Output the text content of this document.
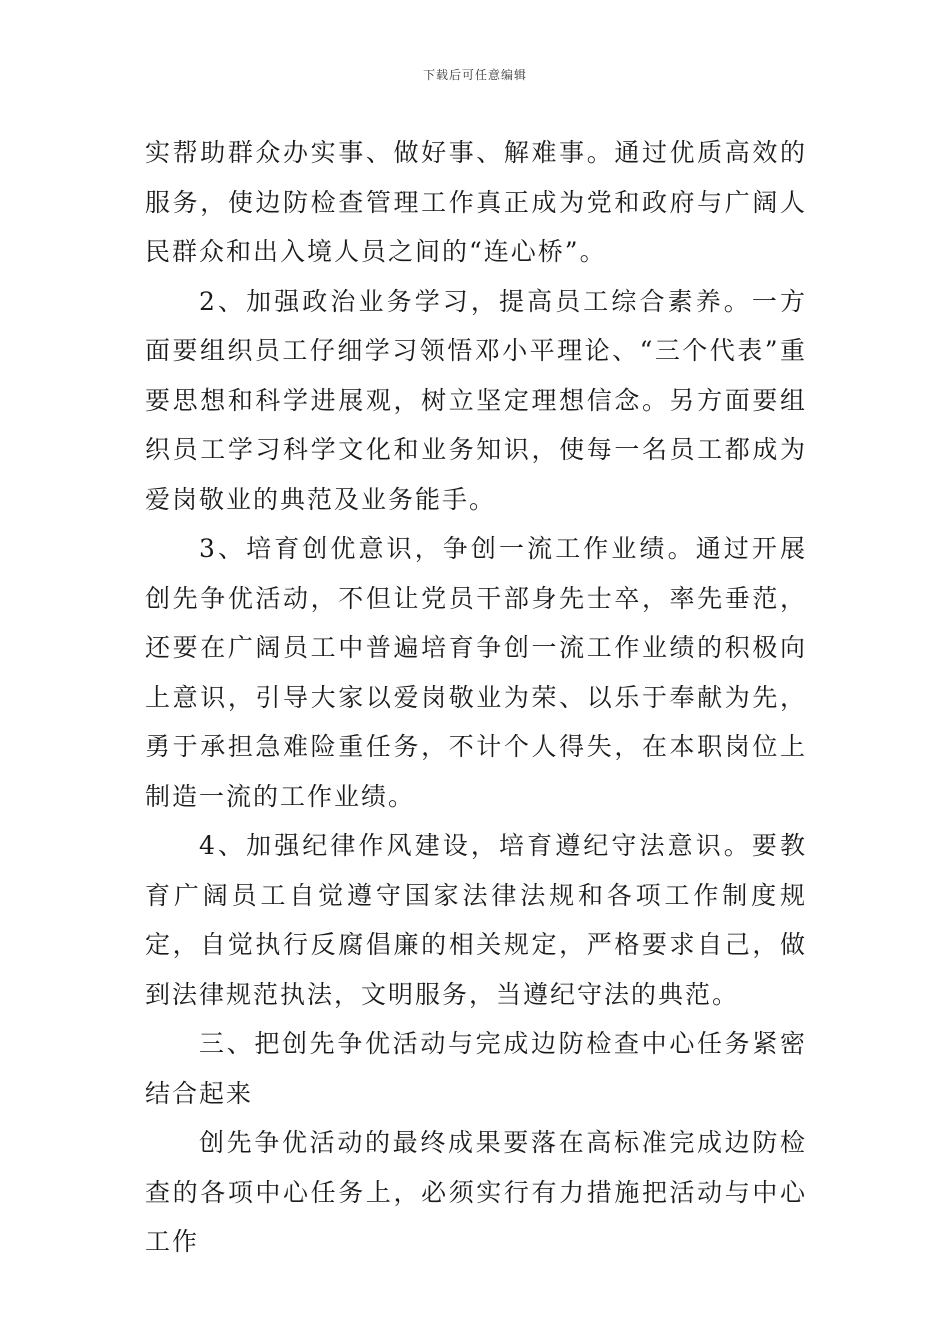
下载后可任意编辑

实帮助群众办实事、做好事、解难事。通过优质高效的服务，使边防检查管理工作真正成为党和政府与广阔人民群众和出入境人员之间的“连心桥”。

2、加强政治业务学习，提高员工综合素养。一方面要组织员工仔细学习领悟邓小平理论、“三个代表”重要思想和科学进展观，树立坚定理想信念。另方面要组织员工学习科学文化和业务知识，使每一名员工都成为爱岗敬业的典范及业务能手。

3、培育创优意识，争创一流工作业绩。通过开展创先争优活动，不但让党员干部身先士卒，率先垂范，还要在广阔员工中普遍培育争创一流工作业绩的积极向上意识，引导大家以爱岗敬业为荣、以乐于奉献为先，勇于承担急难险重任务，不计个人得失，在本职岗位上制造一流的工作业绩。

4、加强纪律作风建设，培育遵纪守法意识。要教育广阔员工自觉遵守国家法律法规和各项工作制度规定，自觉执行反腐倡廉的相关规定，严格要求自己，做到法律规范执法，文明服务，当遵纪守法的典范。

三、把创先争优活动与完成边防检查中心任务紧密结合起来

创先争优活动的最终成果要落在高标准完成边防检查的各项中心任务上，必须实行有力措施把活动与中心工作
